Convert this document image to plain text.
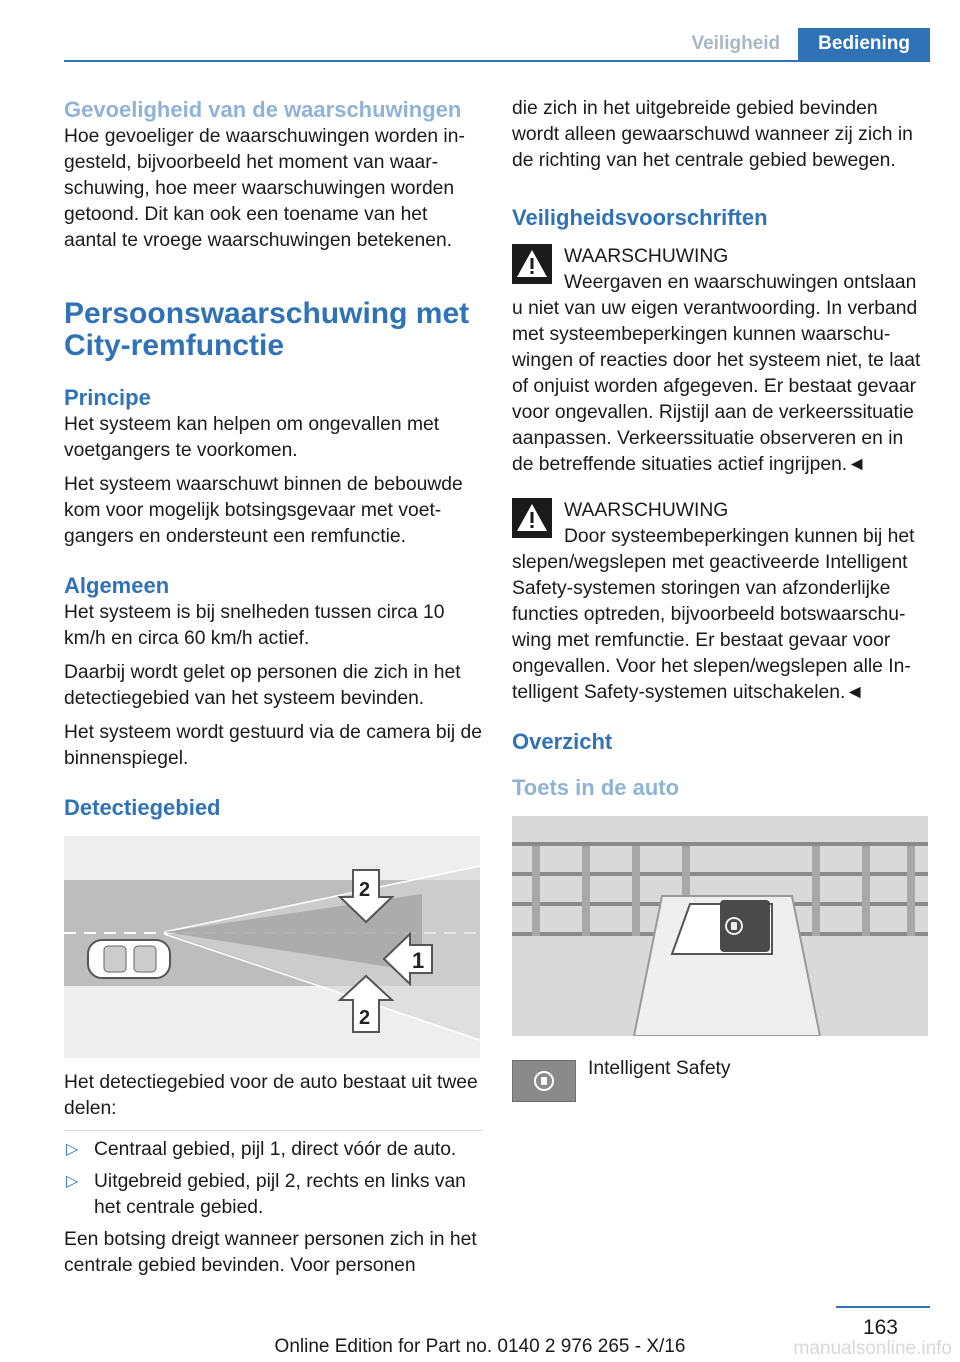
Veiligheid	Bediening
Gevoeligheid van de waarschuwingen

Hoe gevoeliger de waarschuwingen worden ingesteld, bijvoorbeeld het moment van waarschuwing, hoe meer waarschuwingen worden getoond. Dit kan ook een toename van het aantal te vroege waarschuwingen betekenen.

Persoonswaarschuwing met City-remfunctie
Principe

Het systeem kan helpen om ongevallen met voetgangers te voorkomen.

Het systeem waarschuwt binnen de bebouwde kom voor mogelijk botsingsgevaar met voetgangers en ondersteunt een remfunctie.

Algemeen

Het systeem is bij snelheden tussen circa 10 km/h en circa 60 km/h actief.

Daarbij wordt gelet op personen die zich in het detectiegebied van het systeem bevinden.

Het systeem wordt gestuurd via de camera bij de binnenspiegel.

Detectiegebied
1
2
2

Het detectiegebied voor de auto bestaat uit twee delen:

▷ Centraal gebied, pijl 1, direct vóór de auto.
▷ Uitgebreid gebied, pijl 2, rechts en links van het centrale gebied.

Een botsing dreigt wanneer personen zich in het centrale gebied bevinden. Voor personen

die zich in het uitgebreide gebied bevinden wordt alleen gewaarschuwd wanneer zij zich in de richting van het centrale gebied bewegen.

Veiligheidsvoorschriften
WAARSCHUWING
Weergaven en waarschuwingen ontslaan u niet van uw eigen verantwoording. In verband met systeembeperkingen kunnen waarschuwingen of reacties door het systeem niet, te laat of onjuist worden afgegeven. Er bestaat gevaar voor ongevallen. Rijstijl aan de verkeerssituatie aanpassen. Verkeerssituatie observeren en in de betreffende situaties actief ingrijpen.◄
WAARSCHUWING
Door systeembeperkingen kunnen bij het slepen/wegslepen met geactiveerde Intelligent Safety-systemen storingen van afzonderlijke functies optreden, bijvoorbeeld botswaarschuwing met remfunctie. Er bestaat gevaar voor ongevallen. Voor het slepen/wegslepen alle Intelligent Safety-systemen uitschakelen.◄
Overzicht
Toets in de auto
Intelligent Safety
163
Online Edition for Part no. 0140 2 976 265 - X/16	manualsonline.info
